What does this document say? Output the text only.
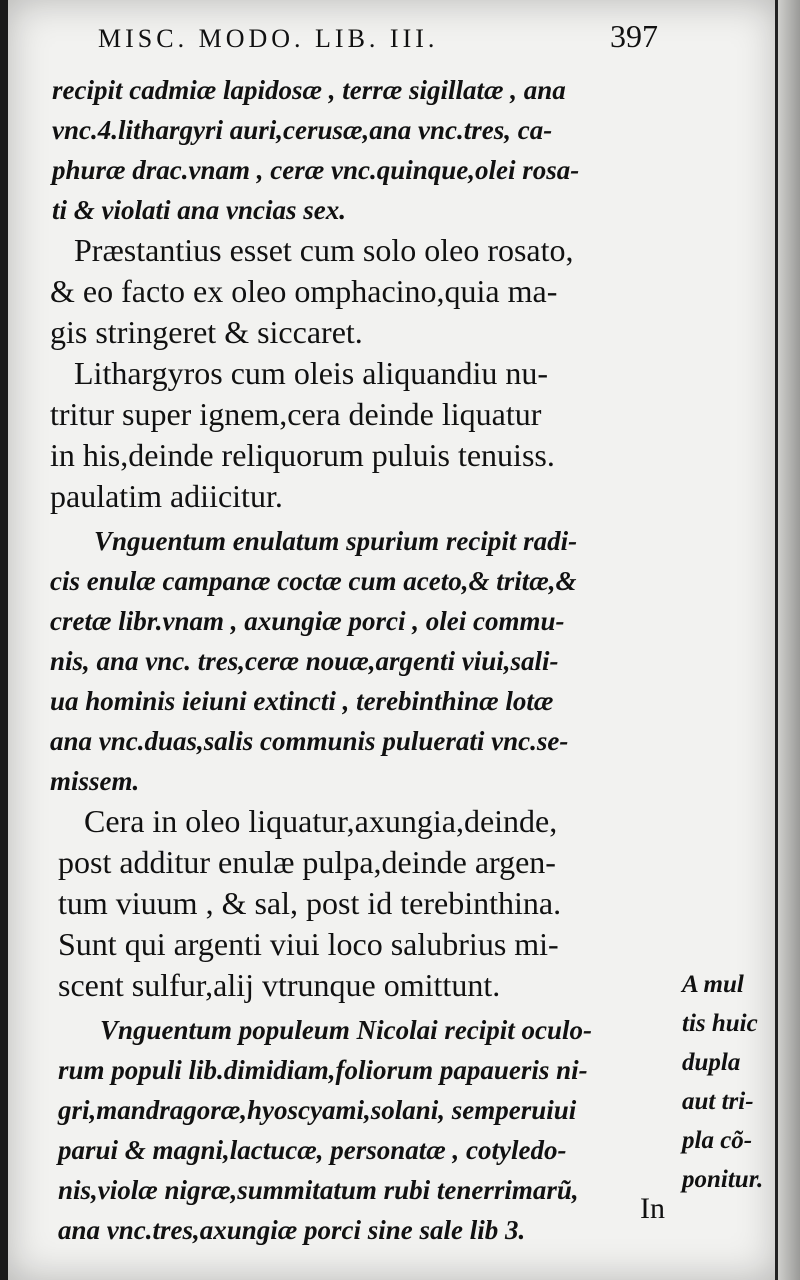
MISC. MODO. LIB. III.	397
recipit cadmiæ lapidosæ , terræ sigillatæ , ana
vnc.4.lithargyri auri,cerusæ,ana vnc.tres, ca-
phuræ drac.vnam , ceræ vnc.quinque,olei rosa-
ti & violati ana vncias sex.
Præstantius esset cum solo oleo rosato,
& eo facto ex oleo omphacino,quia ma-
gis stringeret & siccaret.
Lithargyros cum oleis aliquandiu nu-
tritur super ignem,cera deinde liquatur
in his,deinde reliquorum puluis tenuiss.
paulatim adiicitur.
Vnguentum enulatum spurium recipit radi-
cis enulæ campanæ coctæ cum aceto,& tritæ,&
cretæ libr.vnam , axungiæ porci , olei commu-
nis, ana vnc. tres,ceræ nouæ,argenti viui,sali-
ua hominis ieiuni extincti , terebinthinæ lotæ
ana vnc.duas,salis communis puluerati vnc.se-
missem.
Cera in oleo liquatur,axungia,deinde,
post additur enulæ pulpa,deinde argen-
tum viuum , & sal, post id terebinthina.
Sunt qui argenti viui loco salubrius mi-
scent sulfur,alij vtrunque omittunt.
Vnguentum populeum Nicolai recipit oculo-
rum populi lib.dimidiam,foliorum papaueris ni-
gri,mandragoræ,hyoscyami,solani, semperuiui
parui & magni,lactucæ, personatæ , cotyledo-
nis,violæ nigræ,summitatum rubi tenerrimarũ,
ana vnc.tres,axungiæ porci sine sale lib 3.
A mul
tis huic
dupla
aut tri-
pla cõ-
ponitur.
In
